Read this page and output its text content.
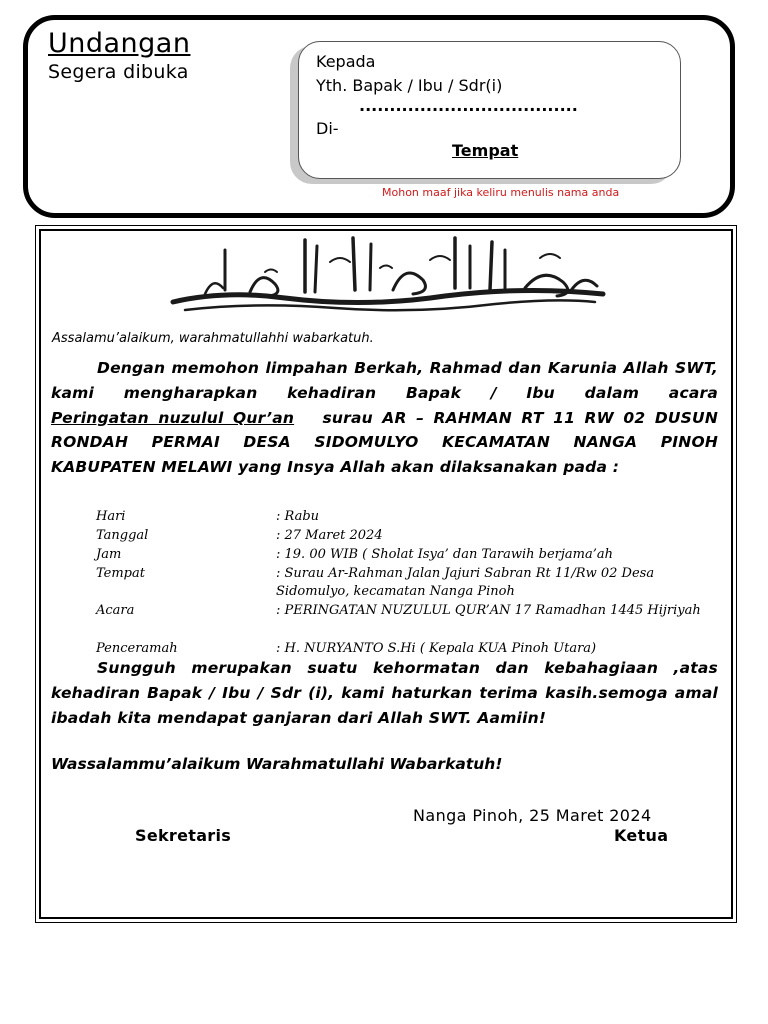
Undangan
Segera dibuka	Kepada
Yth. Bapak / Ibu / Sdr(i)
....................................
Di-
Tempat
Mohon maaf jika keliru menulis nama anda
Assalamu’alaikum, warahmatullahhi wabarkatuh.
Dengan memohon limpahan Berkah, Rahmad dan Karunia Allah SWT, kami mengharapkan kehadiran Bapak / Ibu dalam acara Peringatan nuzulul Qur’an surau AR – RAHMAN RT 11 RW 02 DUSUN RONDAH PERMAI DESA SIDOMULYO KECAMATAN NANGA PINOH KABUPATEN MELAWI yang Insya Allah akan dilaksanakan pada :
Hari	: Rabu
Tanggal	: 27 Maret 2024
Jam	: 19. 00 WIB ( Sholat Isya’ dan Tarawih berjama’ah
Tempat	: Surau Ar-Rahman Jalan Jajuri Sabran Rt 11/Rw 02 Desa Sidomulyo, kecamatan Nanga Pinoh
Acara	: PERINGATAN NUZULUL QUR’AN 17 Ramadhan 1445 Hijriyah
Penceramah	: H. NURYANTO S.Hi ( Kepala KUA Pinoh Utara)
Sungguh merupakan suatu kehormatan dan kebahagiaan ,atas kehadiran Bapak / Ibu / Sdr (i), kami haturkan terima kasih.semoga amal ibadah kita mendapat ganjaran dari Allah SWT. Aamiin!
Wassalammu’alaikum Warahmatullahi Wabarkatuh!
Nanga Pinoh, 25 Maret 2024
Sekretaris	Ketua
